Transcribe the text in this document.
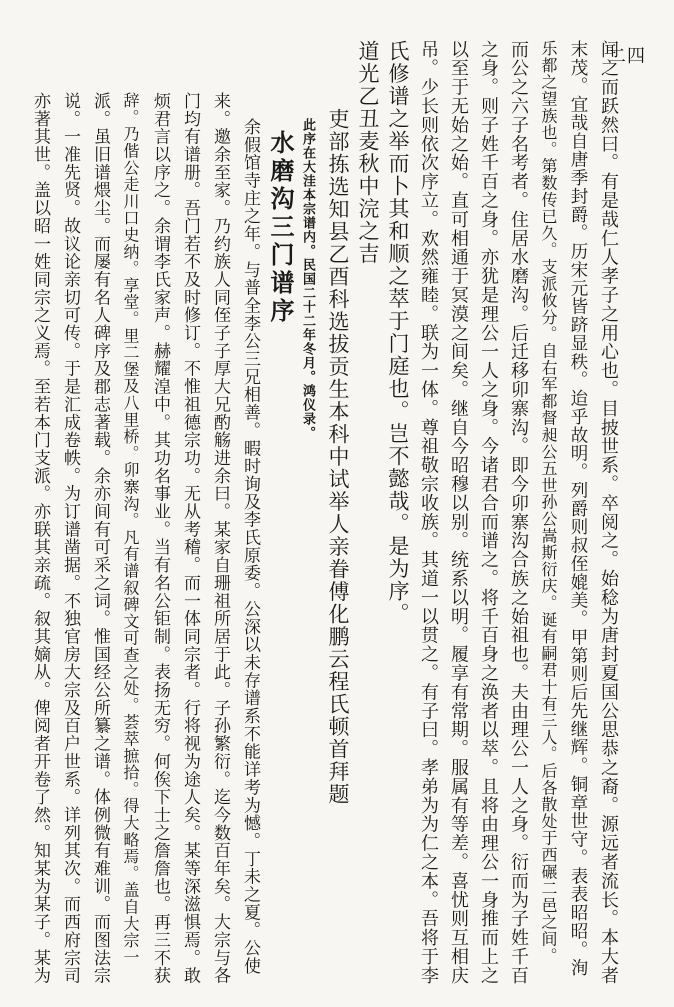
二四
闻之而跃然曰。有是哉仁人孝子之用心也。目披世系。卒阅之。始稔为唐封夏国公思恭之裔。源远者流长。本大者
末茂。宜哉自唐季封爵。历宋元皆跻显秩。迨乎故明。列爵则叔侄媲美。甲第则后先继辉。铜章世守。表表昭昭。洵
乐都之望族也。第数传已久。支派攸分。自右军都督昶公五世孙公嵩斯衍庆。诞有嗣君十有三人。后各散处于西碾二邑之间。
而公之六子名考者。住居水磨沟。后迁移卯寨沟。即今卯寨沟合族之始祖也。夫由理公一人之身。衍而为子姓千百
之身。则子姓千百之身。亦犹是理公一人之身。今诸君合而谱之。将千百身之涣者以萃。且将由理公一身推而上之
以至于无始之始。直可相通于冥漠之间矣。继自今昭穆以别。统系以明。履享有常期。服属有等差。喜忧则互相庆
吊。少长则依次序立。欢然雍睦。联为一体。尊祖敬宗收族。其道一以贯之。有子曰。孝弟为为仁之本。吾将于李
氏修谱之举而卜其和顺之萃于门庭也。岂不懿哉。是为序。
道光乙丑麦秋中浣之吉
吏部拣选知县乙酉科选拔贡生本科中试举人亲眷傅化鹏云程氏顿首拜题
此序在大洼本宗谱内。民国二十二年冬月。鸿仪录。
水磨沟三门谱序
余假馆寺庄之年。与普全李公三兄相善。暇时询及李氏原委。公深以未存谱系不能详考为憾。丁未之夏。公使
来。邀余至家。乃约族人同侄子子厚大兄酌觞进余曰。某家自珊祖所居于此。子孙繁衍。迄今数百年矣。大宗与各
门均有谱册。吾门若不及时修订。不惟祖德宗功。无从考稽。而一体同宗者。行将视为途人矣。某等深滋惧焉。敢
烦君言以序之。余谓李氏家声。赫耀湟中。其功名事业。当有名公钜制。表扬无穷。何俟下士之詹詹也。再三不获
辞。乃偕公走川口史纳。享堂。里二堡及八里桥。卯寨沟。凡有谱叙碑文可查之处。荟萃摭拾。得大略焉。盖自大宗一
派。虽旧谱煨尘。而屡有名人碑序及郡志著载。余亦间有可采之词。惟国经公所纂之谱。体例微有难训。而图法宗
说。一准先贤。故议论亲切可传。于是汇成卷帙。为订谱凿据。不独官房大宗及百户世系。详列其次。而西府宗司
亦著其世。盖以昭一姓同宗之义焉。至若本门支派。亦联其亲疏。叙其嫡从。俾阅者开卷了然。知某为某子。某为
